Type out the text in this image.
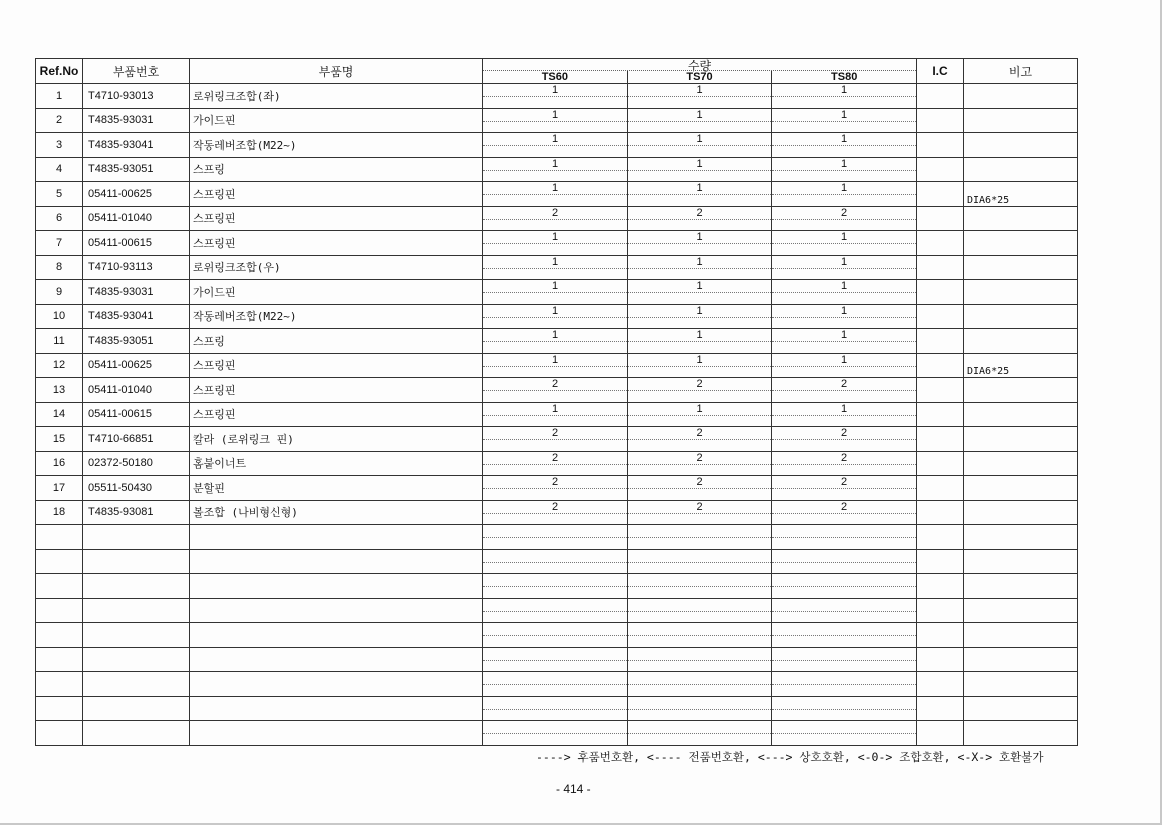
Ref.No	부품번호	부품명	수량
TS60 TS70 TS80			I.C	비고
1	T4710-93013	로위링크조합(좌)	1	1	1		

2	T4835-93031	가이드핀	1	1	1		

3	T4835-93041	작동레버조합(M22~)	1	1	1		

4	T4835-93051	스프링	1	1	1		

5	05411-00625	스프링핀	1	1	1		DIA6*25
6	05411-01040	스프링핀	2	2	2		

7	05411-00615	스프링핀	1	1	1		

8	T4710-93113	로위링크조합(우)	1	1	1		

9	T4835-93031	가이드핀	1	1	1		

10	T4835-93041	작동레버조합(M22~)	1	1	1		

11	T4835-93051	스프링	1	1	1		

12	05411-00625	스프링핀	1	1	1		DIA6*25
13	05411-01040	스프링핀	2	2	2		

14	05411-00615	스프링핀	1	1	1		

15	T4710-66851	칼라 (로위링크 핀)	2	2	2		

16	02372-50180	홈붙이너트	2	2	2		

17	05511-50430	분할핀	2	2	2		

18	T4835-93081	볼조합 (나비형신형)	2	2	2		

----> 후품번호환, <---- 전품번호환, <---> 상호호환, <-0-> 조합호환, <-X-> 호환불가
- 414 -
